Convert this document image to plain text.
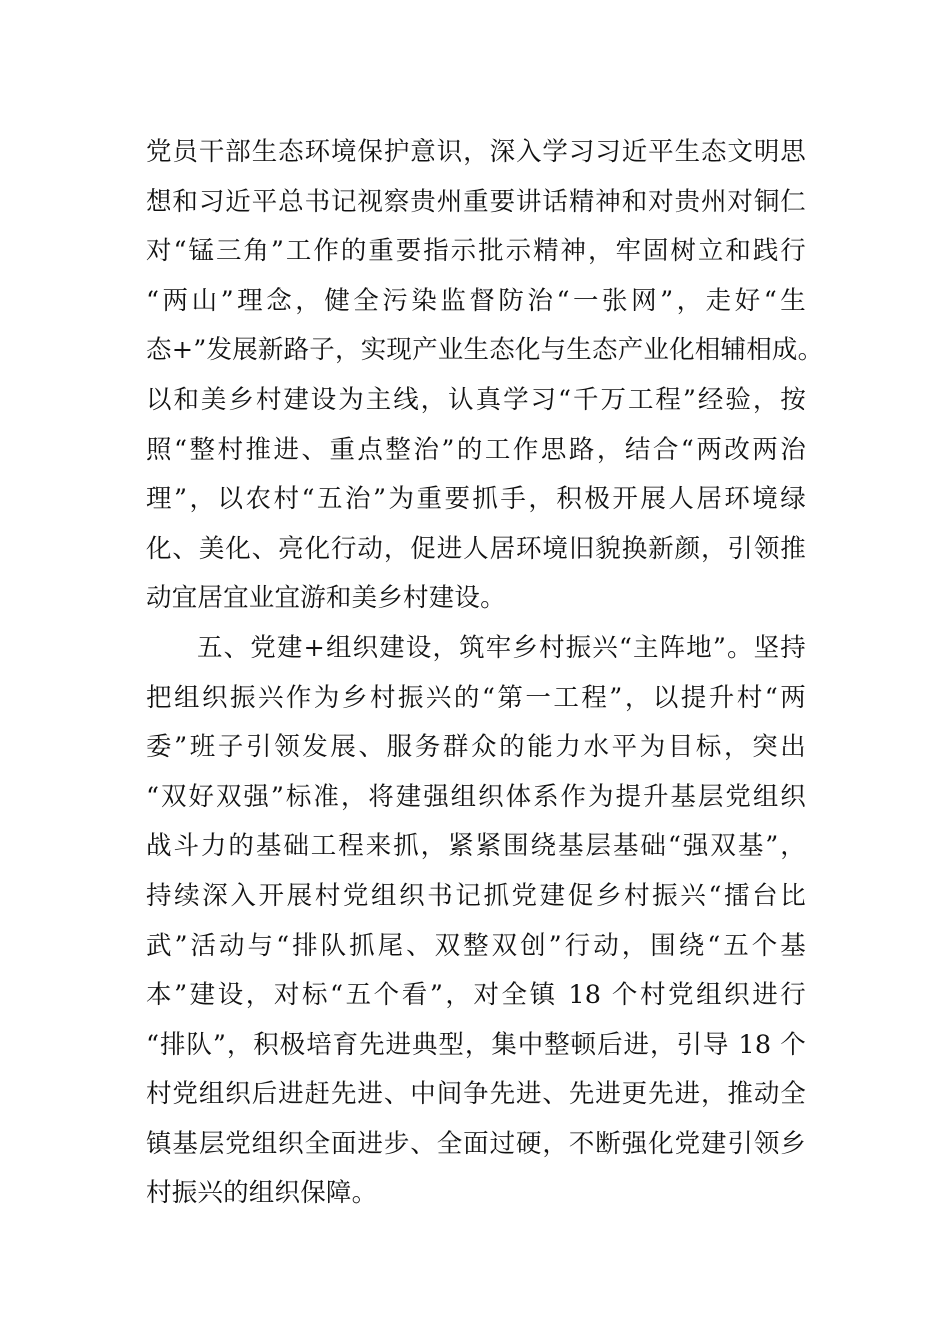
党员干部生态环境保护意识，深入学习习近平生态文明思
想和习近平总书记视察贵州重要讲话精神和对贵州对铜仁
对“锰三角”工作的重要指示批示精神，牢固树立和践行
“两山”理念，健全污染监督防治“一张网”，走好“生
态+”发展新路子，实现产业生态化与生态产业化相辅相成。
以和美乡村建设为主线，认真学习“千万工程”经验，按
照“整村推进、重点整治”的工作思路，结合“两改两治
理”，以农村“五治”为重要抓手，积极开展人居环境绿
化、美化、亮化行动，促进人居环境旧貌换新颜，引领推
动宜居宜业宜游和美乡村建设。
五、党建+组织建设，筑牢乡村振兴“主阵地”。坚持
把组织振兴作为乡村振兴的“第一工程”，以提升村“两
委”班子引领发展、服务群众的能力水平为目标，突出
“双好双强”标准，将建强组织体系作为提升基层党组织
战斗力的基础工程来抓，紧紧围绕基层基础“强双基”，
持续深入开展村党组织书记抓党建促乡村振兴“擂台比
武”活动与“排队抓尾、双整双创”行动，围绕“五个基
本”建设，对标“五个看”，对全镇 18 个村党组织进行
“排队”，积极培育先进典型，集中整顿后进，引导 18 个
村党组织后进赶先进、中间争先进、先进更先进，推动全
镇基层党组织全面进步、全面过硬，不断强化党建引领乡
村振兴的组织保障。
